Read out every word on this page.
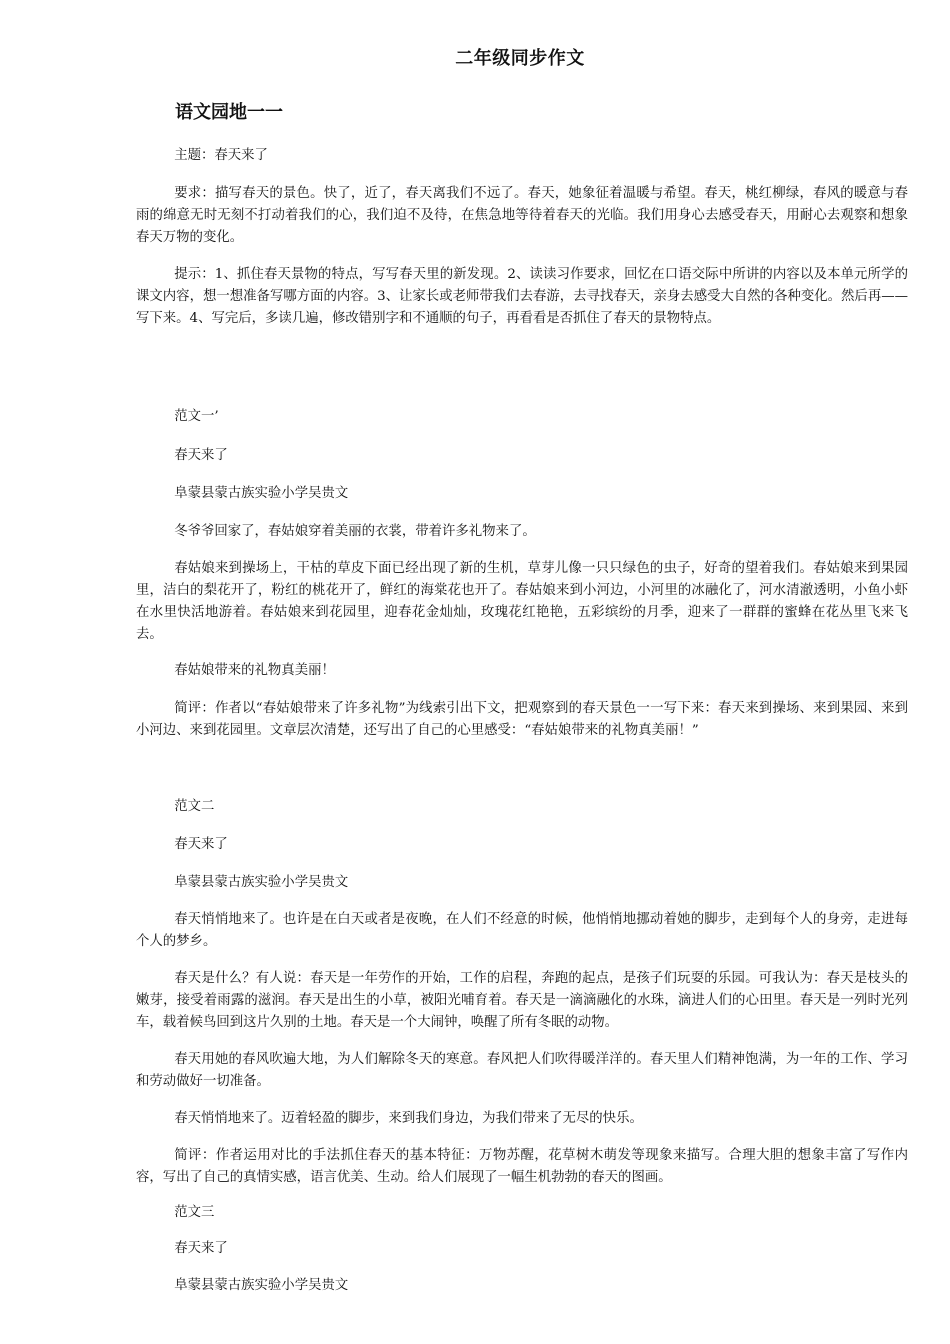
二年级同步作文
语文园地一一

主题：春天来了

要求：描写春天的景色。快了，近了，春天离我们不远了。春天，她象征着温暖与希望。春天，桃红柳绿，春风的暖意与春雨的绵意无时无刻不打动着我们的心，我们迫不及待，在焦急地等待着春天的光临。我们用身心去感受春天，用耐心去观察和想象春天万物的变化。

提示：1、抓住春天景物的特点，写写春天里的新发现。2、读读习作要求，回忆在口语交际中所讲的内容以及本单元所学的课文内容，想一想准备写哪方面的内容。3、让家长或老师带我们去春游，去寻找春天，亲身去感受大自然的各种变化。然后再——写下来。4、写完后，多读几遍，修改错别字和不通顺的句子，再看看是否抓住了春天的景物特点。

范文一’

春天来了

阜蒙县蒙古族实验小学吴贵文

冬爷爷回家了，春姑娘穿着美丽的衣裳，带着许多礼物来了。

春姑娘来到操场上，干枯的草皮下面已经出现了新的生机，草芽儿像一只只绿色的虫子，好奇的望着我们。春姑娘来到果园里，洁白的梨花开了，粉红的桃花开了，鲜红的海棠花也开了。春姑娘来到小河边，小河里的冰融化了，河水清澈透明，小鱼小虾在水里快活地游着。春姑娘来到花园里，迎春花金灿灿，玫瑰花红艳艳，五彩缤纷的月季，迎来了一群群的蜜蜂在花丛里飞来飞去。

春姑娘带来的礼物真美丽！

简评：作者以“春姑娘带来了许多礼物”为线索引出下文，把观察到的春天景色一一写下来：春天来到操场、来到果园、来到小河边、来到花园里。文章层次清楚，还写出了自己的心里感受：“春姑娘带来的礼物真美丽！”

范文二

春天来了

阜蒙县蒙古族实验小学吴贵文

春天悄悄地来了。也许是在白天或者是夜晚，在人们不经意的时候，他悄悄地挪动着她的脚步，走到每个人的身旁，走进每个人的梦乡。

春天是什么？有人说：春天是一年劳作的开始，工作的启程，奔跑的起点，是孩子们玩耍的乐园。可我认为：春天是枝头的嫩芽，接受着雨露的滋润。春天是出生的小草，被阳光哺育着。春天是一滴滴融化的水珠，滴进人们的心田里。春天是一列时光列车，载着候鸟回到这片久别的土地。春天是一个大闹钟，唤醒了所有冬眠的动物。

春天用她的春风吹遍大地，为人们解除冬天的寒意。春风把人们吹得暖洋洋的。春天里人们精神饱满，为一年的工作、学习和劳动做好一切准备。

春天悄悄地来了。迈着轻盈的脚步，来到我们身边，为我们带来了无尽的快乐。

简评：作者运用对比的手法抓住春天的基本特征：万物苏醒，花草树木萌发等现象来描写。合理大胆的想象丰富了写作内容，写出了自己的真情实感，语言优美、生动。给人们展现了一幅生机勃勃的春天的图画。

范文三

春天来了

阜蒙县蒙古族实验小学吴贵文
